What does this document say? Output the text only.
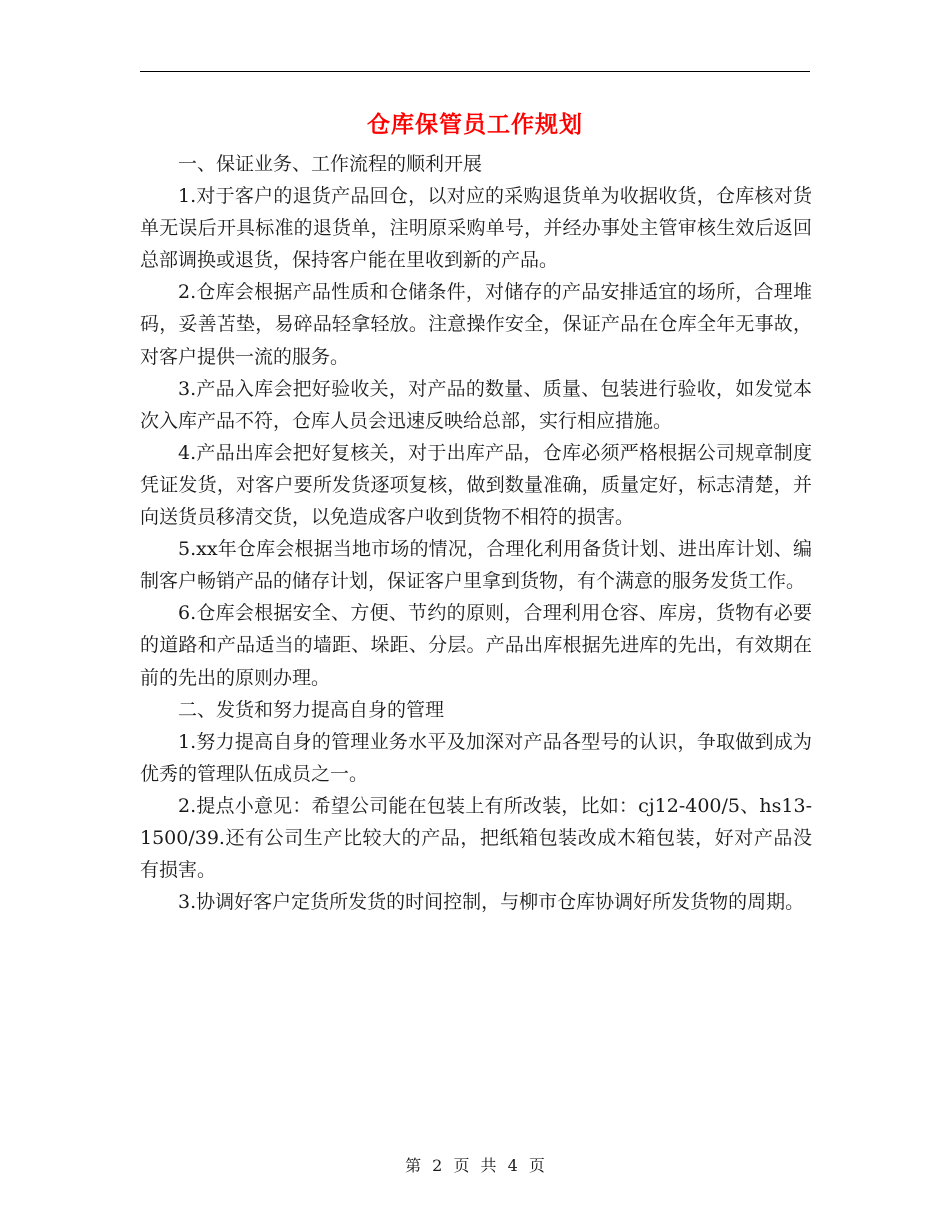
仓库保管员工作规划

一、保证业务、工作流程的顺利开展

1.对于客户的退货产品回仓，以对应的采购退货单为收据收货，仓库核对货单无误后开具标准的退货单，注明原采购单号，并经办事处主管审核生效后返回总部调换或退货，保持客户能在里收到新的产品。

2.仓库会根据产品性质和仓储条件，对储存的产品安排适宜的场所，合理堆码，妥善苫垫，易碎品轻拿轻放。注意操作安全，保证产品在仓库全年无事故，对客户提供一流的服务。

3.产品入库会把好验收关，对产品的数量、质量、包装进行验收，如发觉本次入库产品不符，仓库人员会迅速反映给总部，实行相应措施。

4.产品出库会把好复核关，对于出库产品，仓库必须严格根据公司规章制度凭证发货，对客户要所发货逐项复核，做到数量准确，质量定好，标志清楚，并向送货员移清交货，以免造成客户收到货物不相符的损害。

5.xx年仓库会根据当地市场的情况，合理化利用备货计划、进出库计划、编制客户畅销产品的储存计划，保证客户里拿到货物，有个满意的服务发货工作。

6.仓库会根据安全、方便、节约的原则，合理利用仓容、库房，货物有必要的道路和产品适当的墙距、垛距、分层。产品出库根据先进库的先出，有效期在前的先出的原则办理。

二、发货和努力提高自身的管理

1.努力提高自身的管理业务水平及加深对产品各型号的认识，争取做到成为优秀的管理队伍成员之一。

2.提点小意见：希望公司能在包装上有所改装，比如：cj12-400/5、hs13-1500/39.还有公司生产比较大的产品，把纸箱包装改成木箱包装，好对产品没有损害。

3.协调好客户定货所发货的时间控制，与柳市仓库协调好所发货物的周期。

第 2 页 共 4 页
